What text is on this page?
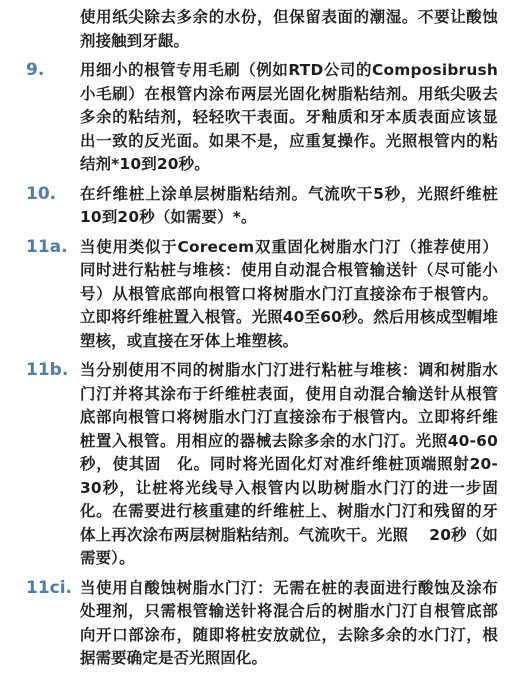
使用纸尖除去多余的水份，但保留表面的潮湿。不要让酸蚀剂接触到牙龈。
9.	用细小的根管专用毛刷（例如RTD公司的Composibrush小毛刷）在根管内涂布两层光固化树脂粘结剂。用纸尖吸去多余的粘结剂，轻轻吹干表面。牙釉质和牙本质表面应该显出一致的反光面。如果不是，应重复操作。光照根管内的粘结剂*10到20秒。
10.	在纤维桩上涂单层树脂粘结剂。气流吹干5秒，光照纤维桩10到20秒（如需要）*。
11a. 当使用类似于Corecem双重固化树脂水门汀（推荐使用）同时进行粘桩与堆核：使用自动混合根管输送针（尽可能小号）从根管底部向根管口将树脂水门汀直接涂布于根管内。立即将纤维桩置入根管。光照40至60秒。然后用核成型帽堆塑核，或直接在牙体上堆塑核。
11b. 当分别使用不同的树脂水门汀进行粘桩与堆核：调和树脂水门汀并将其涂布于纤维桩表面，使用自动混合输送针从根管底部向根管口将树脂水门汀直接涂布于根管内。立即将纤维桩置入根管。用相应的器械去除多余的水门汀。光照40-60秒，使其固　化。同时将光固化灯对准纤维桩顶端照射20-30秒，让桩将光线导入根管内以助树脂水门汀的进一步固化。在需要进行核重建的纤维桩上、树脂水门汀和残留的牙体上再次涂布两层树脂粘结剂。气流吹干。光照　 20秒（如需要）。
11ci. 当使用自酸蚀树脂水门汀：无需在桩的表面进行酸蚀及涂布处理剂，只需根管输送针将混合后的树脂水门汀自根管底部向开口部涂布，随即将桩安放就位，去除多余的水门汀，根据需要确定是否光照固化。
